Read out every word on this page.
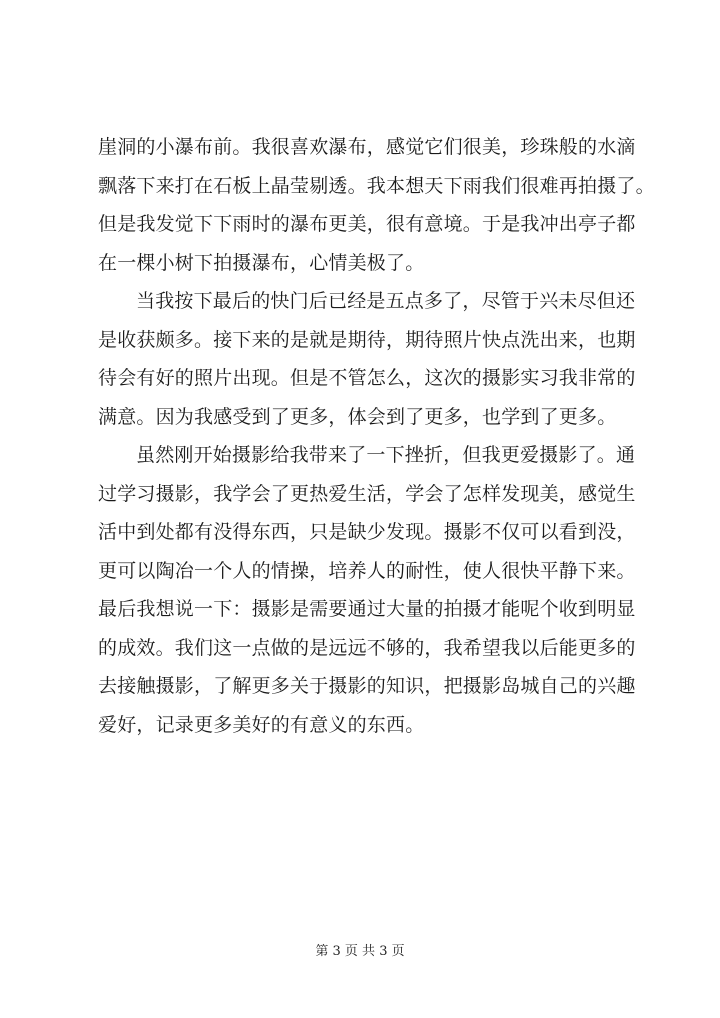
崖洞的小瀑布前。我很喜欢瀑布，感觉它们很美，珍珠般的水滴
飘落下来打在石板上晶莹剔透。我本想天下雨我们很难再拍摄了。
但是我发觉下下雨时的瀑布更美，很有意境。于是我冲出亭子都
在一棵小树下拍摄瀑布，心情美极了。
当我按下最后的快门后已经是五点多了，尽管于兴未尽但还
是收获颇多。接下来的是就是期待，期待照片快点洗出来，也期
待会有好的照片出现。但是不管怎么，这次的摄影实习我非常的
满意。因为我感受到了更多，体会到了更多，也学到了更多。
虽然刚开始摄影给我带来了一下挫折，但我更爱摄影了。通
过学习摄影，我学会了更热爱生活，学会了怎样发现美，感觉生
活中到处都有没得东西，只是缺少发现。摄影不仅可以看到没，
更可以陶冶一个人的情操，培养人的耐性，使人很快平静下来。
最后我想说一下：摄影是需要通过大量的拍摄才能呢个收到明显
的成效。我们这一点做的是远远不够的，我希望我以后能更多的
去接触摄影，了解更多关于摄影的知识，把摄影岛城自己的兴趣
爱好，记录更多美好的有意义的东西。
第 3 页 共 3 页
